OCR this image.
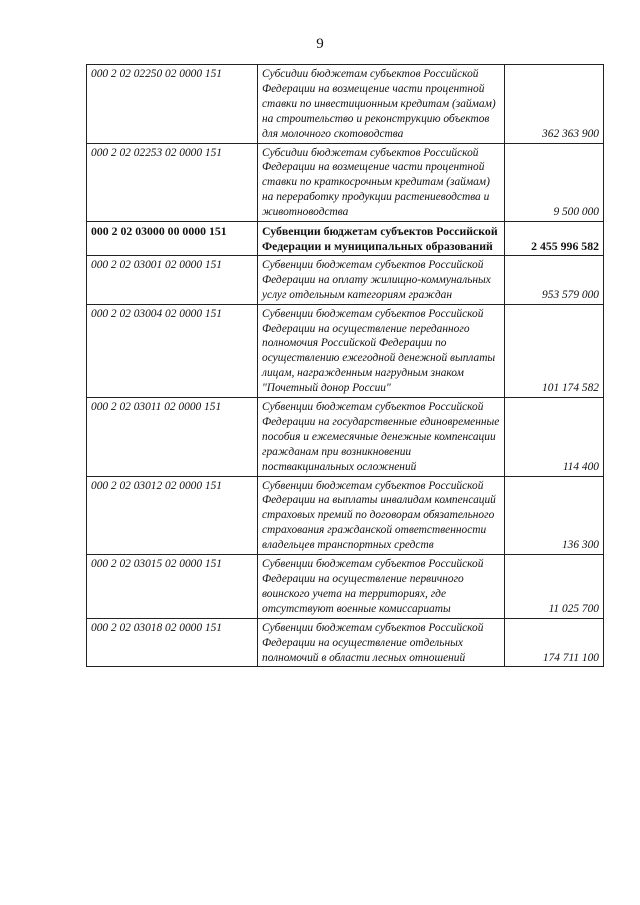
9
000 2 02 02250 02 0000 151	Субсидии бюджетам субъектов Российской Федерации на возмещение части процентной ставки по инвестиционным кредитам (займам) на строительство и реконструкцию объектов для молочного скотоводства	362 363 900
000 2 02 02253 02 0000 151	Субсидии бюджетам субъектов Российской Федерации на возмещение части процентной ставки по краткосрочным кредитам (займам) на переработку продукции растениеводства и животноводства	9 500 000
000 2 02 03000 00 0000 151	Субвенции бюджетам субъектов Российской Федерации и муниципальных образований	2 455 996 582
000 2 02 03001 02 0000 151	Субвенции бюджетам субъектов Российской Федерации на оплату жилищно-коммунальных услуг отдельным категориям граждан	953 579 000
000 2 02 03004 02 0000 151	Субвенции бюджетам субъектов Российской Федерации на осуществление переданного полномочия Российской Федерации по осуществлению ежегодной денежной выплаты лицам, награжденным нагрудным знаком "Почетный донор России"	101 174 582
000 2 02 03011 02 0000 151	Субвенции бюджетам субъектов Российской Федерации на государственные единовременные пособия и ежемесячные денежные компенсации гражданам при возникновении поствакцинальных осложнений	114 400
000 2 02 03012 02 0000 151	Субвенции бюджетам субъектов Российской Федерации на выплаты инвалидам компенсаций страховых премий по договорам обязательного страхования гражданской ответственности владельцев транспортных средств	136 300
000 2 02 03015 02 0000 151	Субвенции бюджетам субъектов Российской Федерации на осуществление первичного воинского учета на территориях, где отсутствуют военные комиссариаты	11 025 700
000 2 02 03018 02 0000 151	Субвенции бюджетам субъектов Российской Федерации на осуществление отдельных полномочий в области лесных отношений	174 711 100
